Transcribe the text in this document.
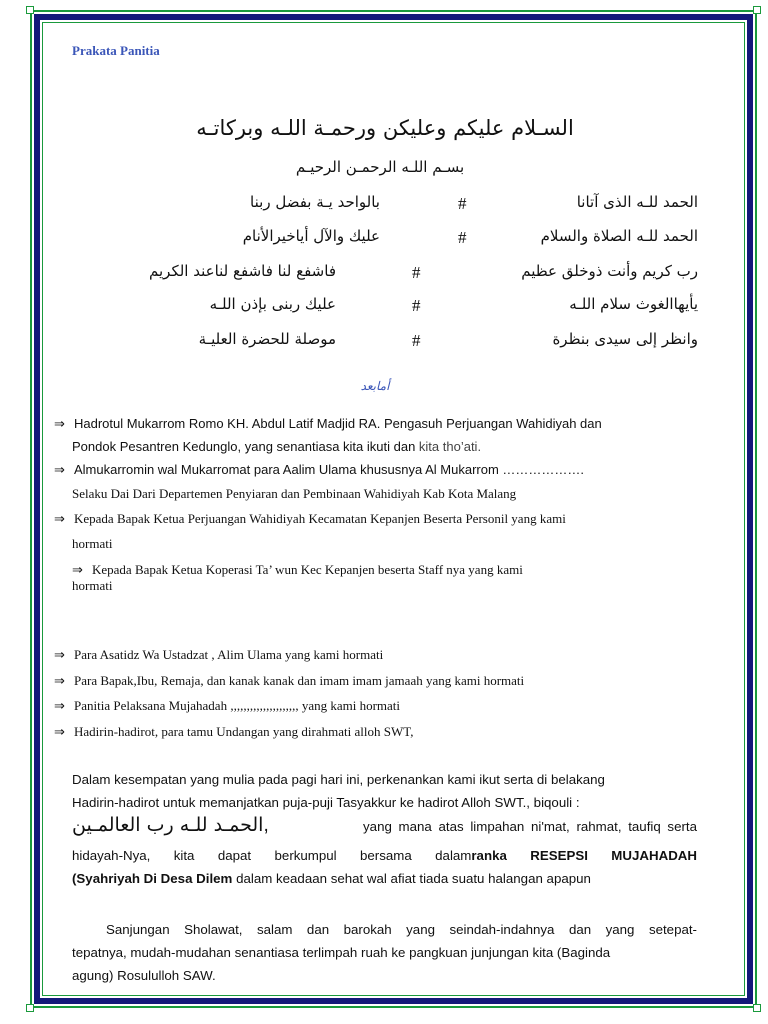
Prakata Panitia
السـلام عليكم وعليكن ورحمـة اللـه وبركاتـه
بسـم اللـه الرحمـن الرحيـم
الحمد للـه الذى آتانا
#
بالواحد يـة بفضل ربنا
الحمد للـه الصلاة والسلام
#
عليك والآل أياخيرالأنام
رب كريم وأنت ذوخلق عظيم
#
فاشفع لنا فاشفع لناعند الكريم
يأيهاالغوث سلام اللـه
#
عليك ربنى بإذن اللـه
وانظر إلى سيدى بنظرة
#
موصلة للحضرة العليـة
أمابعد
⇒ Hadrotul Mukarrom Romo KH. Abdul Latif Madjid RA. Pengasuh Perjuangan Wahidiyah dan
Pondok Pesantren Kedunglo, yang senantiasa kita ikuti dan kita tho’ati.
⇒ Almukarromin wal Mukarromat para Aalim Ulama khususnya Al Mukarrom ……………….
Selaku Dai Dari Departemen Penyiaran dan Pembinaan Wahidiyah Kab Kota Malang
⇒ Kepada Bapak Ketua Perjuangan Wahidiyah Kecamatan Kepanjen Beserta Personil yang kami
hormati
⇒ Kepada Bapak Ketua Koperasi Ta’ wun Kec Kepanjen beserta Staff nya yang kami
hormati
⇒ Para Asatidz Wa Ustadzat , Alim Ulama yang kami hormati
⇒ Para Bapak,Ibu, Remaja, dan kanak kanak dan imam imam jamaah yang kami hormati
⇒ Panitia Pelaksana Mujahadah ,,,,,,,,,,,,,,,,,,,,, yang kami hormati
⇒ Hadirin-hadirot, para tamu Undangan yang dirahmati alloh SWT,
Dalam kesempatan yang mulia pada pagi hari ini, perkenankan kami ikut serta di belakang
Hadirin-hadirot untuk memanjatkan puja-puji Tasyakkur ke hadirot Alloh SWT., biqouli :
الحمـد للـه رب العالمـين,	yang mana atas limpahan ni'mat, rahmat, taufiq serta
hidayah-Nya, kita dapat berkumpul bersama dalamranka RESEPSI MUJAHADAH
(Syahriyah Di Desa Dilem dalam keadaan sehat wal afiat tiada suatu halangan apapun
Sanjungan Sholawat, salam dan barokah yang seindah-indahnya dan yang setepat-
tepatnya, mudah-mudahan senantiasa terlimpah ruah ke pangkuan junjungan kita (Baginda
agung) Rosululloh SAW.
